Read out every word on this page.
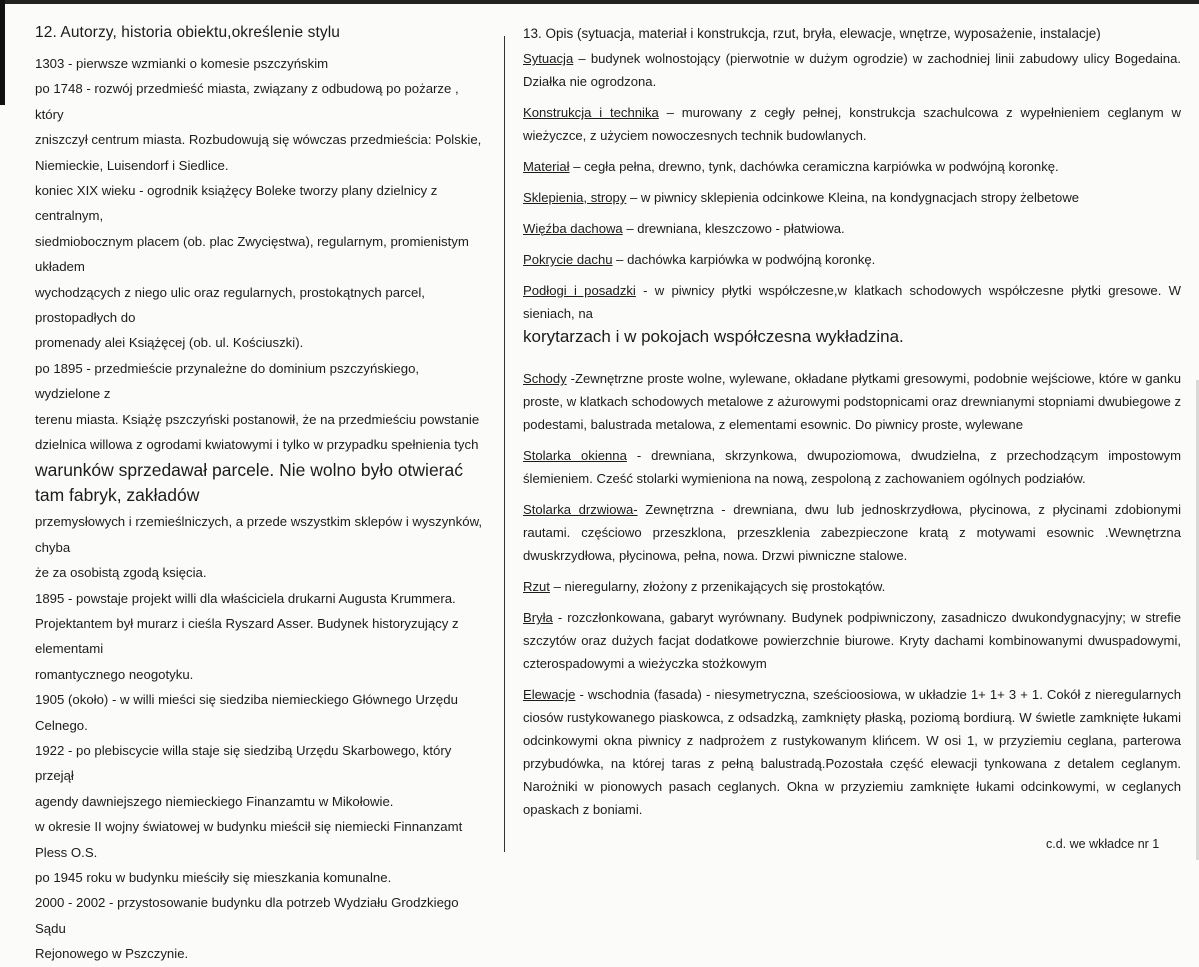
12. Autorzy, historia obiektu,określenie stylu

1303 - pierwsze wzmianki o komesie pszczyńskim

po 1748 - rozwój przedmieść miasta, związany z odbudową po pożarze , który

zniszczył centrum miasta. Rozbudowują się wówczas przedmieścia: Polskie,

Niemieckie, Luisendorf i Siedlice.

koniec XIX wieku - ogrodnik książęcy Boleke tworzy plany dzielnicy z centralnym,

siedmiobocznym placem (ob. plac Zwycięstwa), regularnym, promienistym układem

wychodzących z niego ulic oraz regularnych, prostokątnych parcel, prostopadłych do

promenady alei Książęcej (ob. ul. Kościuszki).

po 1895 - przedmieście przynależne do dominium pszczyńskiego, wydzielone z

terenu miasta. Książę pszczyński postanowił, że na przedmieściu powstanie

dzielnica willowa z ogrodami kwiatowymi i tylko w przypadku spełnienia tych

warunków sprzedawał parcele. Nie wolno było otwierać tam fabryk, zakładów

przemysłowych i rzemieślniczych, a przede wszystkim sklepów i wyszynków, chyba

że za osobistą zgodą księcia.

1895 - powstaje projekt willi dla właściciela drukarni Augusta Krummera.

Projektantem był murarz i cieśla Ryszard Asser. Budynek historyzujący z elementami

romantycznego neogotyku.

1905 (około) - w willi mieści się siedziba niemieckiego Głównego Urzędu Celnego.

1922 - po plebiscycie willa staje się siedzibą Urzędu Skarbowego, który przejął

agendy dawniejszego niemieckiego Finanzamtu w Mikołowie.

w okresie II wojny światowej w budynku mieścił się niemiecki Finnanzamt Pless O.S.

po 1945 roku w budynku mieściły się mieszkania komunalne.

2000 - 2002 - przystosowanie budynku dla potrzeb Wydziału Grodzkiego Sądu

Rejonowego w Pszczynie.

13. Opis (sytuacja, materiał i konstrukcja, rzut, bryła, elewacje, wnętrze, wyposażenie, instalacje)

Sytuacja – budynek wolnostojący (pierwotnie w dużym ogrodzie) w zachodniej linii zabudowy ulicy Bogedaina. Działka nie ogrodzona.

Konstrukcja i technika – murowany z cegły pełnej, konstrukcja szachulcowa z wypełnieniem ceglanym w wieżyczce, z użyciem nowoczesnych technik budowlanych.

Materiał – cegła pełna, drewno, tynk, dachówka ceramiczna karpiówka w podwójną koronkę.

Sklepienia, stropy – w piwnicy sklepienia odcinkowe Kleina, na kondygnacjach stropy żelbetowe

Więźba dachowa – drewniana, kleszczowo - płatwiowa.

Pokrycie dachu – dachówka karpiówka w podwójną koronkę.

Podłogi i posadzki - w piwnicy płytki współczesne,w klatkach schodowych współczesne płytki gresowe. W sieniach, na
korytarzach i w pokojach współczesna wykładzina.

Schody -Zewnętrzne proste wolne, wylewane, okładane płytkami gresowymi, podobnie wejściowe, które w ganku proste, w klatkach schodowych metalowe z ażurowymi podstopnicami oraz drewnianymi stopniami dwubiegowe z podestami, balustrada metalowa, z elementami esownic. Do piwnicy proste, wylewane

Stolarka okienna - drewniana, skrzynkowa, dwupoziomowa, dwudzielna, z przechodzącym impostowym ślemieniem. Cześć stolarki wymieniona na nową, zespoloną z zachowaniem ogólnych podziałów.

Stolarka drzwiowa- Zewnętrzna - drewniana, dwu lub jednoskrzydłowa, płycinowa, z płycinami zdobionymi rautami. częściowo przeszklona, przeszklenia zabezpieczone kratą z motywami esownic .Wewnętrzna dwuskrzydłowa, płycinowa, pełna, nowa. Drzwi piwniczne stalowe.

Rzut – nieregularny, złożony z przenikających się prostokątów.

Bryła - rozczłonkowana, gabaryt wyrównany. Budynek podpiwniczony, zasadniczo dwukondygnacyjny; w strefie szczytów oraz dużych facjat dodatkowe powierzchnie biurowe. Kryty dachami kombinowanymi dwuspadowymi, czterospadowymi a wieżyczka stożkowym

Elewacje - wschodnia (fasada) - niesymetryczna, sześcioosiowa, w układzie 1+ 1+ 3 + 1. Cokół z nieregularnych ciosów rustykowanego piaskowca, z odsadzką, zamknięty płaską, poziomą bordiurą. W świetle zamknięte łukami odcinkowymi okna piwnicy z nadprożem z rustykowanym klińcem. W osi 1, w przyziemiu ceglana, parterowa przybudówka, na której taras z pełną balustradą.Pozostała część elewacji tynkowana z detalem ceglanym. Narożniki w pionowych pasach ceglanych. Okna w przyziemiu zamknięte łukami odcinkowymi, w ceglanych opaskach z boniami.

c.d. we wkładce nr 1
